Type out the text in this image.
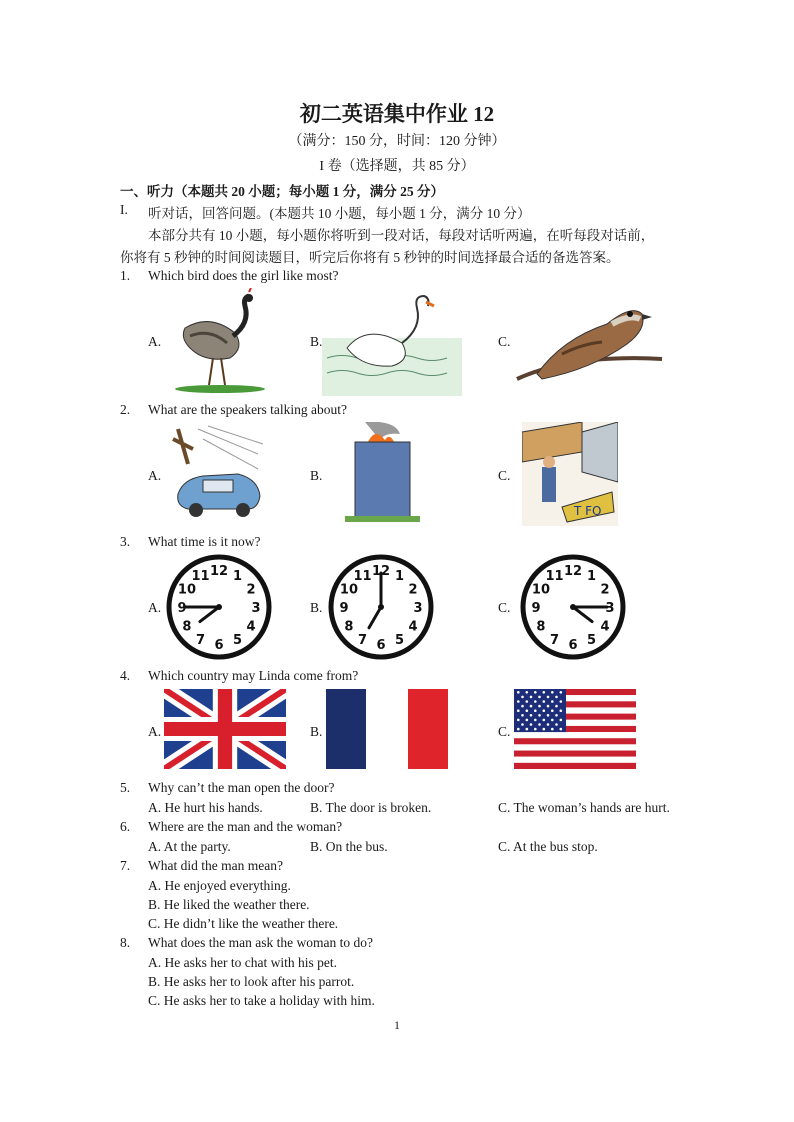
初二英语集中作业 12
（满分：150 分，时间：120 分钟）
I 卷（选择题，共 85 分）
一、听力（本题共 20 小题；每小题 1 分，满分 25 分）
I. 听对话，回答问题。(本题共 10 小题，每小题 1 分，满分 10 分）
本部分共有 10 小题，每小题你将听到一段对话，每段对话听两遍，在听每段对话前，
你将有 5 秒钟的时间阅读题目，听完后你将有 5 秒钟的时间选择最合适的备选答案。
1. Which bird does the girl like most?
A.	B.	C.
2. What are the speakers talking about?
A.	B.	C.
T FO
3. What time is it now?
A.	B.	C.
12 1
2
3
4
5
6
7
8
9
10
11	12 1
2
3
4
5
6
7
8
9
10
11	12 1
2
3
4
5
6
7
8
9
10
11
4. Which country may Linda come from?
A.	B.	C.
5. Why can’t the man open the door?
A. He hurt his hands.	B. The door is broken.	C. The woman’s hands are hurt.
6. Where are the man and the woman?
A. At the party.	B. On the bus.	C. At the bus stop.
7. What did the man mean?
A. He enjoyed everything.
B. He liked the weather there.
C. He didn’t like the weather there.
8. What does the man ask the woman to do?
A. He asks her to chat with his pet.
B. He asks her to look after his parrot.
C. He asks her to take a holiday with him.
1
